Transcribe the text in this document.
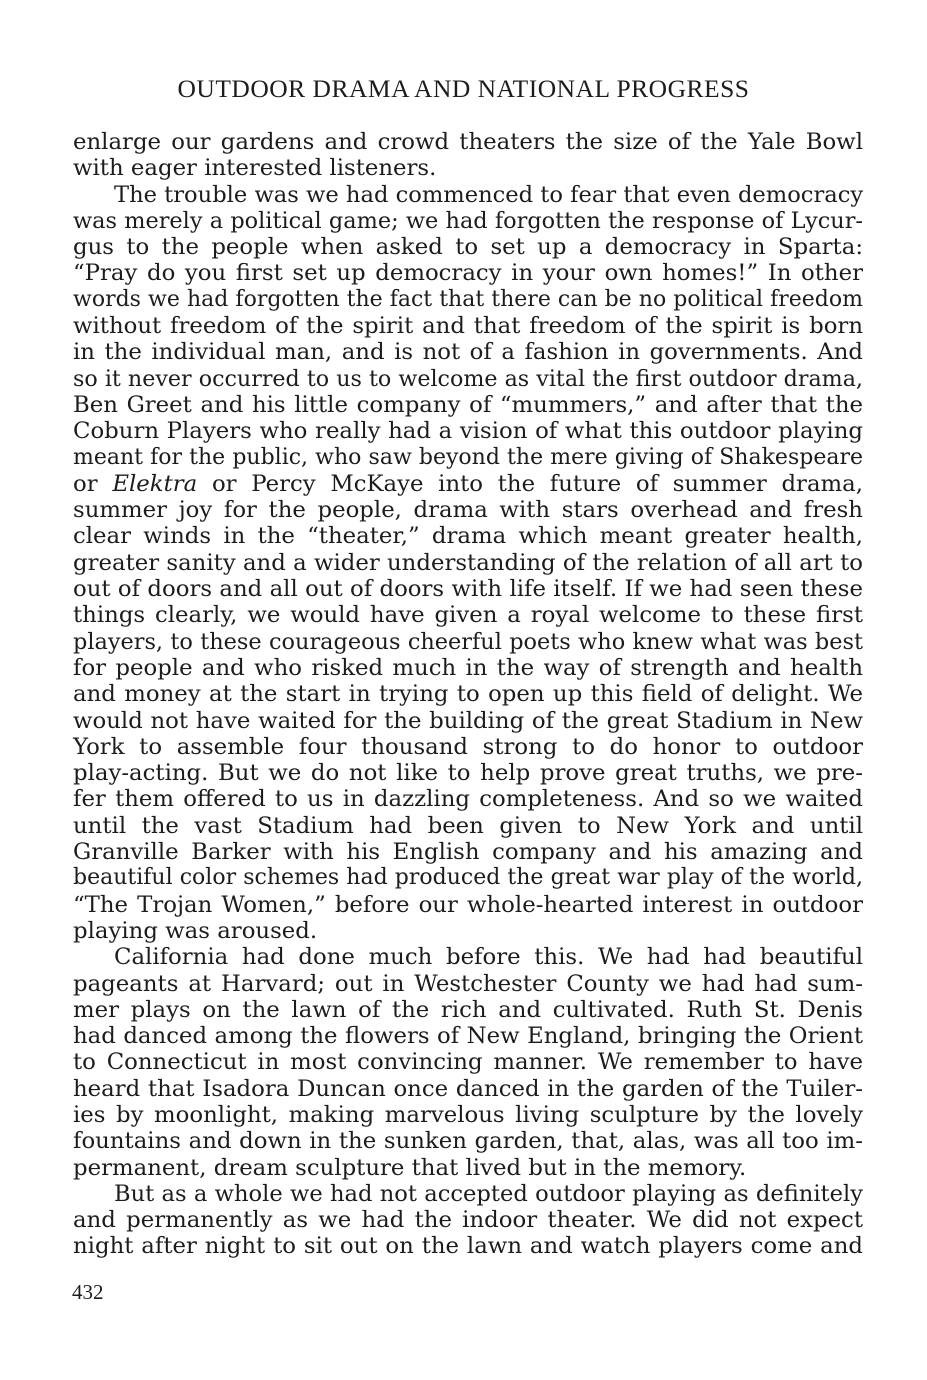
OUTDOOR DRAMA AND NATIONAL PROGRESS
enlarge our gardens and crowd theaters the size of the Yale Bowl
with eager interested listeners.
The trouble was we had commenced to fear that even democracy
was merely a political game; we had forgotten the response of Lycur-
gus to the people when asked to set up a democracy in Sparta:
“Pray do you first set up democracy in your own homes!” In other
words we had forgotten the fact that there can be no political freedom
without freedom of the spirit and that freedom of the spirit is born
in the individual man, and is not of a fashion in governments. And
so it never occurred to us to welcome as vital the first outdoor drama,
Ben Greet and his little company of “mummers,” and after that the
Coburn Players who really had a vision of what this outdoor playing
meant for the public, who saw beyond the mere giving of Shakespeare
or Elektra or Percy McKaye into the future of summer drama,
summer joy for the people, drama with stars overhead and fresh
clear winds in the “theater,” drama which meant greater health,
greater sanity and a wider understanding of the relation of all art to
out of doors and all out of doors with life itself. If we had seen these
things clearly, we would have given a royal welcome to these first
players, to these courageous cheerful poets who knew what was best
for people and who risked much in the way of strength and health
and money at the start in trying to open up this field of delight. We
would not have waited for the building of the great Stadium in New
York to assemble four thousand strong to do honor to outdoor
play-acting. But we do not like to help prove great truths, we pre-
fer them offered to us in dazzling completeness. And so we waited
until the vast Stadium had been given to New York and until
Granville Barker with his English company and his amazing and
beautiful color schemes had produced the great war play of the world,
“The Trojan Women,” before our whole-hearted interest in outdoor
playing was aroused.
California had done much before this. We had had beautiful
pageants at Harvard; out in Westchester County we had had sum-
mer plays on the lawn of the rich and cultivated. Ruth St. Denis
had danced among the flowers of New England, bringing the Orient
to Connecticut in most convincing manner. We remember to have
heard that Isadora Duncan once danced in the garden of the Tuiler-
ies by moonlight, making marvelous living sculpture by the lovely
fountains and down in the sunken garden, that, alas, was all too im-
permanent, dream sculpture that lived but in the memory.
But as a whole we had not accepted outdoor playing as definitely
and permanently as we had the indoor theater. We did not expect
night after night to sit out on the lawn and watch players come and

432
